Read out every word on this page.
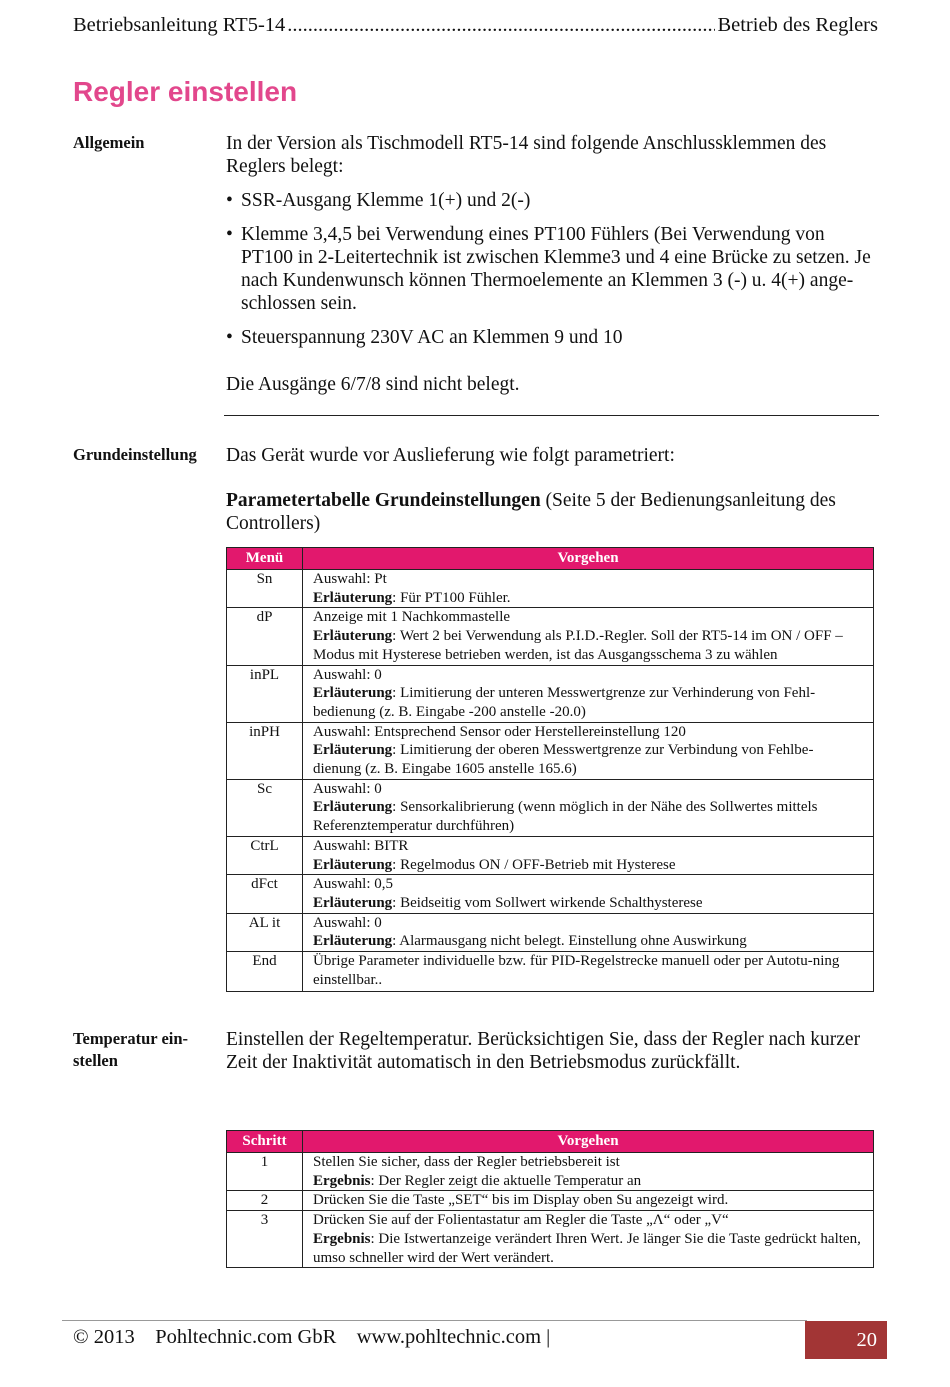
Betriebsanleitung RT5-14 .....	Betrieb des Reglers
Regler einstellen
Allgemein	In der Version als Tischmodell RT5-14 sind folgende Anschlussklemmen des Reglers belegt:

• SSR-Ausgang Klemme 1(+) und 2(-)
• Klemme 3,4,5 bei Verwendung eines PT100 Fühlers (Bei Verwendung von PT100 in 2-Leitertechnik ist zwischen Klemme3 und 4 eine Brücke zu setzen. Je nach Kundenwunsch können Thermoelemente an Klemmen 3 (-) u. 4(+) ange-schlossen sein.
• Steuerspannung 230V AC an Klemmen 9 und 10

Die Ausgänge 6/7/8 sind nicht belegt.

Grundeinstellung Das Gerät wurde vor Auslieferung wie folgt parametriert:

Parametertabelle Grundeinstellungen (Seite 5 der Bedienungsanleitung des Controllers)

Menü	Vorgehen

Sn	Auswahl: Pt
Erläuterung: Für PT100 Fühler.

dP	Anzeige mit 1 Nachkommastelle
Erläuterung: Wert 2 bei Verwendung als P.I.D.-Regler. Soll der RT5-14 im ON / OFF – Modus mit Hysterese betrieben werden, ist das Ausgangsschema 3 zu wählen

inPL	Auswahl: 0
Erläuterung: Limitierung der unteren Messwertgrenze zur Verhinderung von Fehl-bedienung (z. B. Eingabe -200 anstelle -20.0)

inPH	Auswahl: Entsprechend Sensor oder Herstellereinstellung 120
Erläuterung: Limitierung der oberen Messwertgrenze zur Verbindung von Fehlbe-dienung (z. B. Eingabe 1605 anstelle 165.6)

Sc	Auswahl: 0
Erläuterung: Sensorkalibrierung (wenn möglich in der Nähe des Sollwertes mittels Referenztemperatur durchführen)

CtrL	Auswahl: BITR
Erläuterung: Regelmodus ON / OFF-Betrieb mit Hysterese

dFct	Auswahl: 0,5
Erläuterung: Beidseitig vom Sollwert wirkende Schalthysterese

AL it	Auswahl: 0
Erläuterung: Alarmausgang nicht belegt. Einstellung ohne Auswirkung

End	Übrige Parameter individuelle bzw. für PID-Regelstrecke manuell oder per Autotu-ning einstellbar..
Temperatur ein-stellen

Einstellen der Regeltemperatur. Berücksichtigen Sie, dass der Regler nach kurzer Zeit der Inaktivität automatisch in den Betriebsmodus zurückfällt.

Schritt	Vorgehen

1	Stellen Sie sicher, dass der Regler betriebsbereit ist
Ergebnis: Der Regler zeigt die aktuelle Temperatur an

2	Drücken Sie die Taste „SET“ bis im Display oben Su angezeigt wird.

3	Drücken Sie auf der Folientastatur am Regler die Taste „Λ“ oder „V“
Ergebnis: Die Istwertanzeige verändert Ihren Wert. Je länger Sie die Taste gedrückt halten, umso schneller wird der Wert verändert.
© 2013    Pohltechnic.com GbR    www.pohltechnic.com |	20
